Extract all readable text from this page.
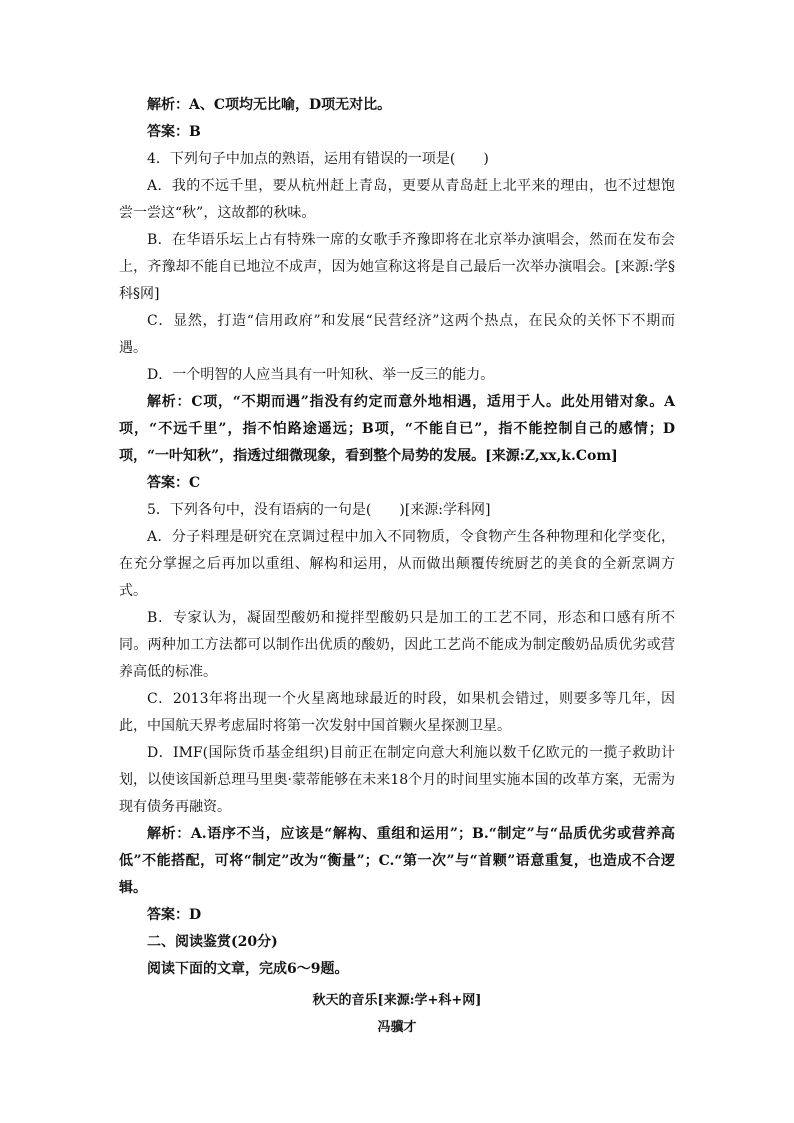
解析：A、C项均无比喻，D项无对比。

答案：B

4．下列句子中加点的熟语，运用有错误的一项是(　　)

A．我的不远千里，要从杭州赶上青岛，更要从青岛赶上北平来的理由，也不过想饱尝一尝这“秋”，这故都的秋味。

B．在华语乐坛上占有特殊一席的女歌手齐豫即将在北京举办演唱会，然而在发布会上，齐豫却不能自已地泣不成声，因为她宣称这将是自己最后一次举办演唱会。[来源:学§科§网]

C．显然，打造“信用政府”和发展“民营经济”这两个热点，在民众的关怀下不期而遇。

D．一个明智的人应当具有一叶知秋、举一反三的能力。

解析：C项，“不期而遇”指没有约定而意外地相遇，适用于人。此处用错对象。A项，“不远千里”，指不怕路途遥远；B项，“不能自已”，指不能控制自己的感情；D项，“一叶知秋”，指透过细微现象，看到整个局势的发展。[来源:Z,xx,k.Com]

答案：C

5．下列各句中，没有语病的一句是(　　)[来源:学科网]

A．分子料理是研究在烹调过程中加入不同物质，令食物产生各种物理和化学变化，在充分掌握之后再加以重组、解构和运用，从而做出颠覆传统厨艺的美食的全新烹调方式。

B．专家认为，凝固型酸奶和搅拌型酸奶只是加工的工艺不同，形态和口感有所不同。两种加工方法都可以制作出优质的酸奶，因此工艺尚不能成为制定酸奶品质优劣或营养高低的标准。

C．2013年将出现一个火星离地球最近的时段，如果机会错过，则要多等几年，因此，中国航天界考虑届时将第一次发射中国首颗火星探测卫星。

D．IMF(国际货币基金组织)目前正在制定向意大利施以数千亿欧元的一揽子救助计划，以使该国新总理马里奥·蒙蒂能够在未来18个月的时间里实施本国的改革方案，无需为现有债务再融资。

解析：A.语序不当，应该是“解构、重组和运用”；B.“制定”与“品质优劣或营养高低”不能搭配，可将“制定”改为“衡量”；C.“第一次”与“首颗”语意重复，也造成不合逻辑。

答案：D

二、阅读鉴赏(20分)

阅读下面的文章，完成6～9题。

秋天的音乐[来源:学+科+网]

冯骥才
